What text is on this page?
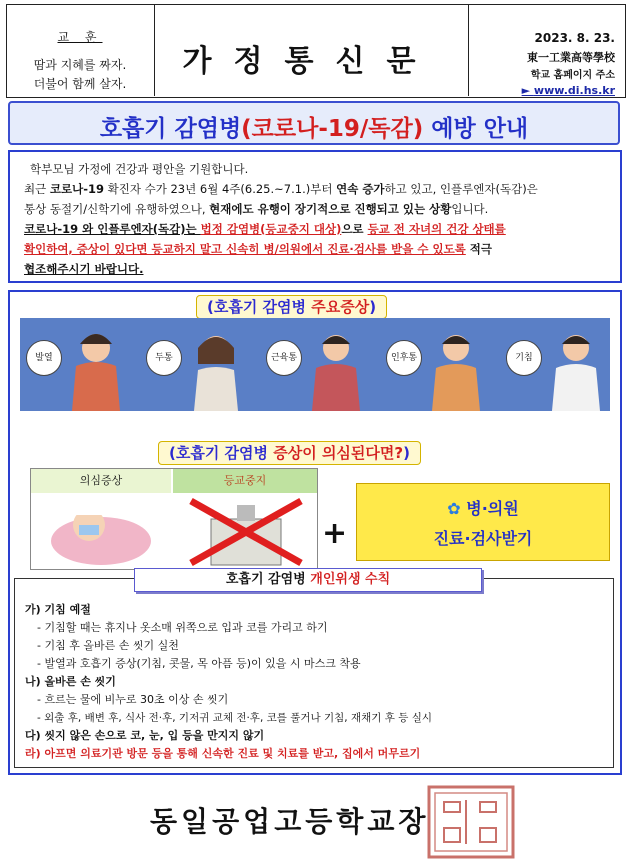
교 훈
땀과 지혜를 짜자.
더불어 함께 살자.
가정통신문
2023. 8. 23.
東一工業高等學校
학교 홈페이지 주소
► www.di.hs.kr
호흡기 감염병(코로나-19/독감) 예방 안내

학부모님 가정에 건강과 평안을 기원합니다.

최근 코로나-19 확진자 수가 23년 6월 4주(6.25.~7.1.)부터 연속 증가하고 있고, 인플루엔자(독감)은

통상 동절기/신학기에 유행하였으나, 현재에도 유행이 장기적으로 진행되고 있는 상황입니다.

코로나-19 와 인플루엔자(독감)는 법정 감염병(등교중지 대상)으로 등교 전 자녀의 건강 상태를

확인하여, 증상이 있다면 등교하지 말고 신속히 병/의원에서 진료·검사를 받을 수 있도록 적극

협조해주시기 바랍니다.

(호흡기 감염병 주요증상)
발열	두통	근육통	인후통	기침
(호흡기 감염병 증상이 의심된다면?)
의심증상	등교중지
+
✿ 병·의원
진료·검사받기
가) 기침 예절
- 기침할 때는 휴지나 옷소매 위쪽으로 입과 코를 가리고 하기
- 기침 후 올바른 손 씻기 실천
- 발열과 호흡기 증상(기침, 콧물, 목 아픔 등)이 있을 시 마스크 착용
나) 올바른 손 씻기
- 흐르는 물에 비누로 30초 이상 손 씻기
- 외출 후, 배변 후, 식사 전·후, 기저귀 교체 전·후, 코를 풀거나 기침, 재채기 후 등 실시
다) 씻지 않은 손으로 코, 눈, 입 등을 만지지 않기
라) 아프면 의료기관 방문 등을 통해 신속한 진료 및 치료를 받고, 집에서 머무르기
호흡기 감염병 개인위생 수칙
동일공업고등학교장
